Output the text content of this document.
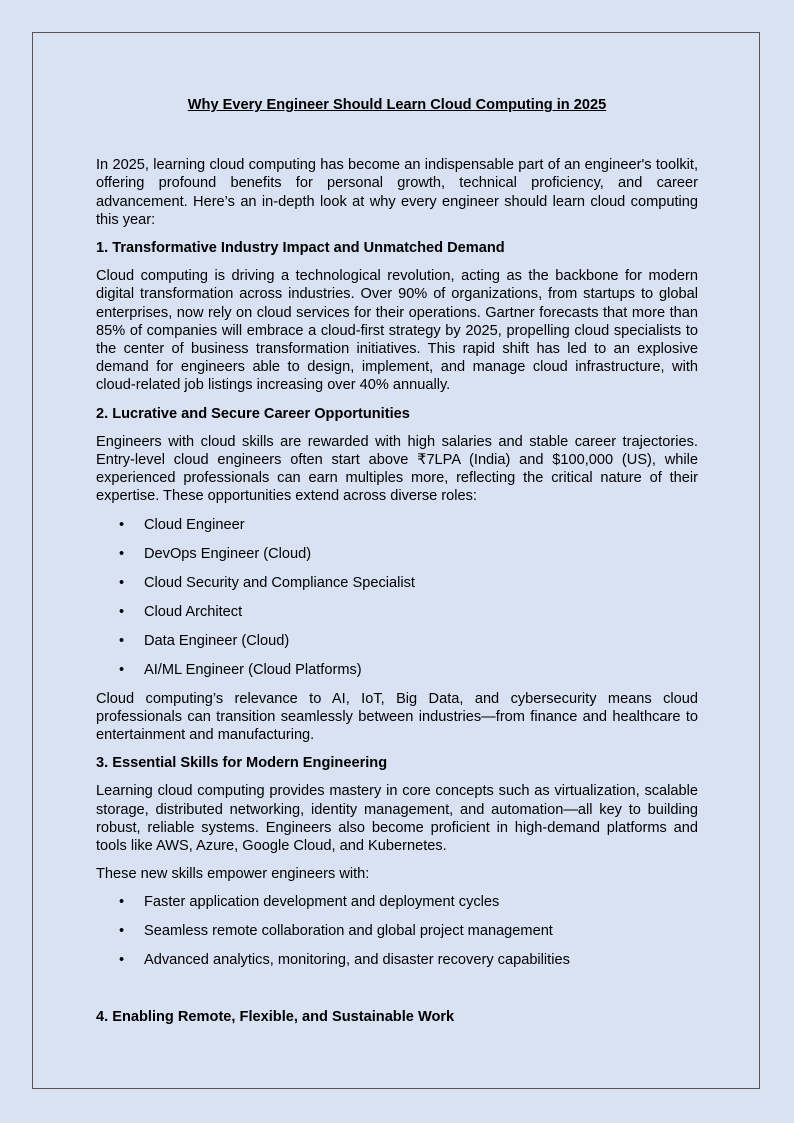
Why Every Engineer Should Learn Cloud Computing in 2025

In 2025, learning cloud computing has become an indispensable part of an engineer's toolkit, offering profound benefits for personal growth, technical proficiency, and career advancement. Here’s an in-depth look at why every engineer should learn cloud computing this year:

1. Transformative Industry Impact and Unmatched Demand

Cloud computing is driving a technological revolution, acting as the backbone for modern digital transformation across industries. Over 90% of organizations, from startups to global enterprises, now rely on cloud services for their operations. Gartner forecasts that more than 85% of companies will embrace a cloud-first strategy by 2025, propelling cloud specialists to the center of business transformation initiatives. This rapid shift has led to an explosive demand for engineers able to design, implement, and manage cloud infrastructure, with cloud-related job listings increasing over 40% annually.

2. Lucrative and Secure Career Opportunities

Engineers with cloud skills are rewarded with high salaries and stable career trajectories. Entry-level cloud engineers often start above ₹7LPA (India) and $100,000 (US), while experienced professionals can earn multiples more, reflecting the critical nature of their expertise. These opportunities extend across diverse roles:

• Cloud Engineer
• DevOps Engineer (Cloud)
• Cloud Security and Compliance Specialist
• Cloud Architect
• Data Engineer (Cloud)
• AI/ML Engineer (Cloud Platforms)

Cloud computing’s relevance to AI, IoT, Big Data, and cybersecurity means cloud professionals can transition seamlessly between industries—from finance and healthcare to entertainment and manufacturing.

3. Essential Skills for Modern Engineering

Learning cloud computing provides mastery in core concepts such as virtualization, scalable storage, distributed networking, identity management, and automation—all key to building robust, reliable systems. Engineers also become proficient in high-demand platforms and tools like AWS, Azure, Google Cloud, and Kubernetes.

These new skills empower engineers with:

• Faster application development and deployment cycles
• Seamless remote collaboration and global project management
• Advanced analytics, monitoring, and disaster recovery capabilities
4. Enabling Remote, Flexible, and Sustainable Work
